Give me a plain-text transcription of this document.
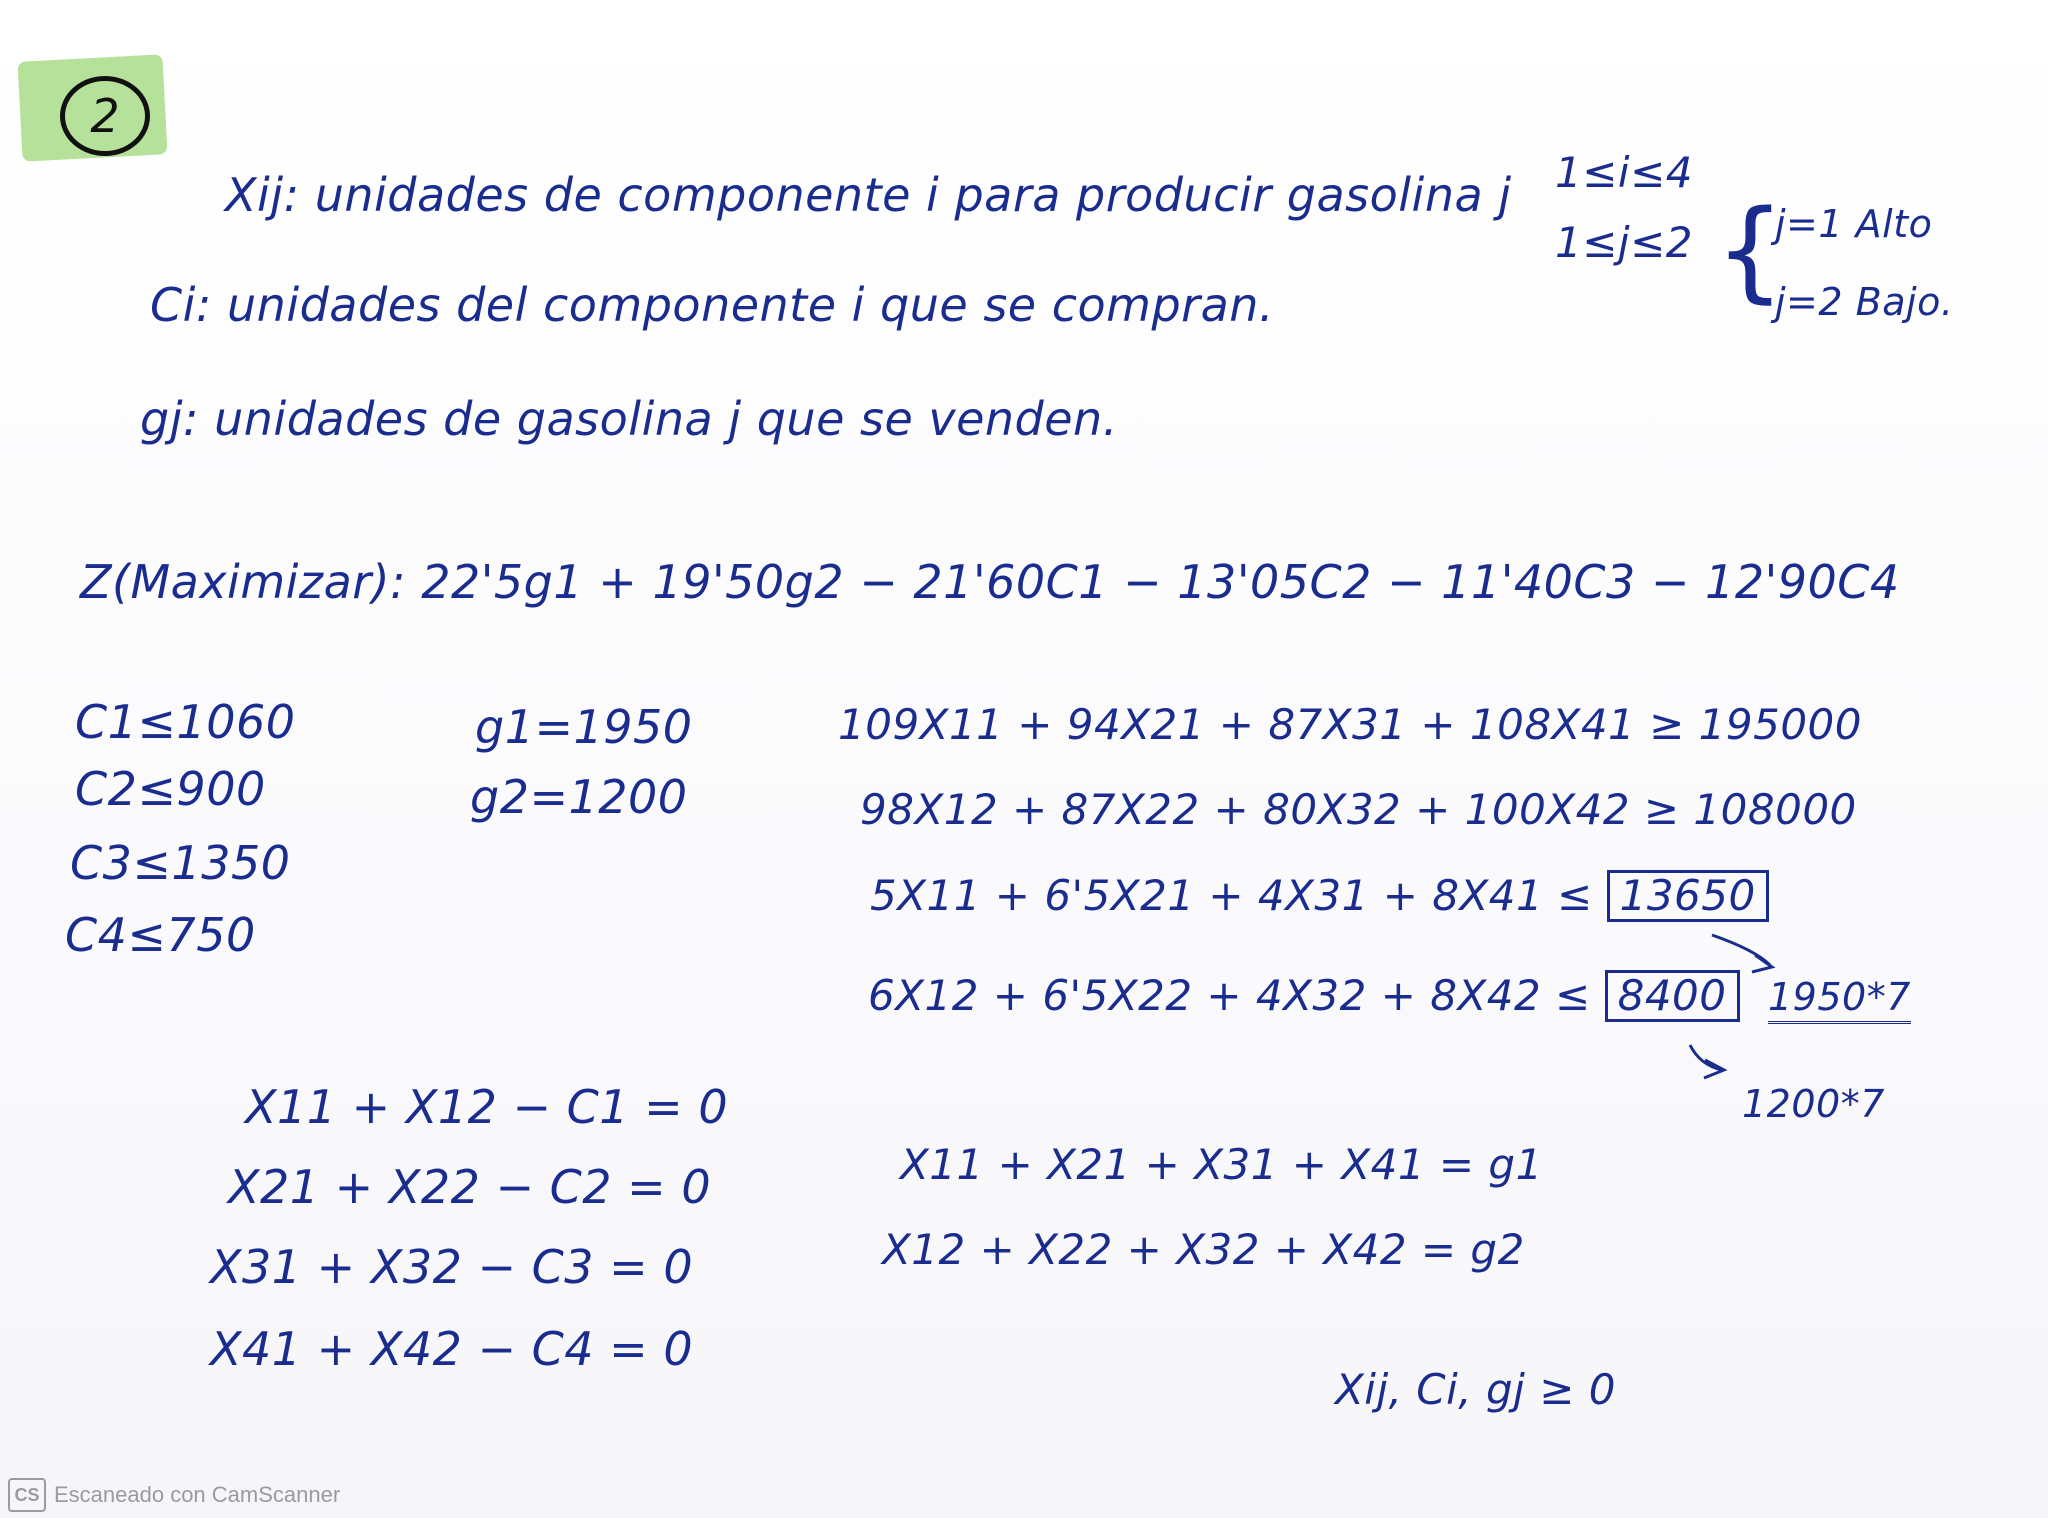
2
Xij: unidades de componente i para producir gasolina j
Ci: unidades del componente i que se compran.
gj: unidades de gasolina j que se venden.
1≤i≤4
1≤j≤2 {
j=1 Alto
j=2 Bajo.
Z(Maximizar): 22'5g1 + 19'50g2 − 21'60C1 − 13'05C2 − 11'40C3 − 12'90C4
C1≤1060
C2≤900
C3≤1350
C4≤750
g1=1950
g2=1200
109X11 + 94X21 + 87X31 + 108X41 ≥ 195000
98X12 + 87X22 + 80X32 + 100X42 ≥ 108000
5X11 + 6'5X21 + 4X31 + 8X41 ≤ 13650
6X12 + 6'5X22 + 4X32 + 8X42 ≤ 8400	1950*7
1200*7
X11 + X12 − C1 = 0
X21 + X22 − C2 = 0
X31 + X32 − C3 = 0
X41 + X42 − C4 = 0
X11 + X21 + X31 + X41 = g1
X12 + X22 + X32 + X42 = g2
Xij, Ci, gj ≥ 0
CS Escaneado con CamScanner
